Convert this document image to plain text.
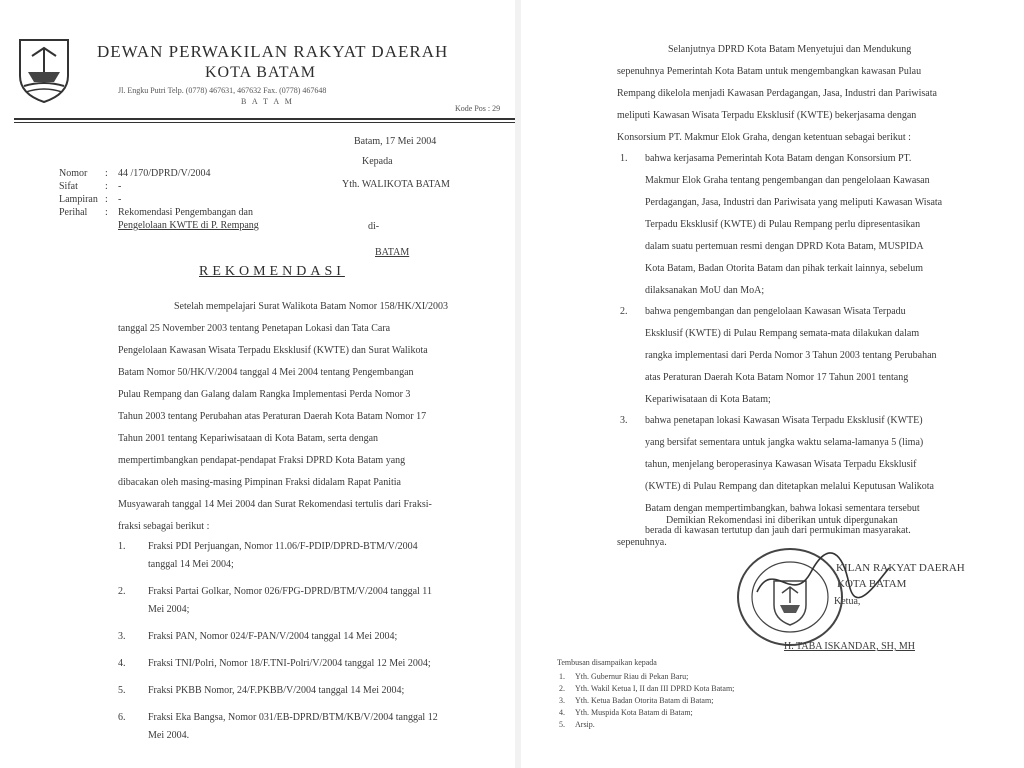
DEWAN PERWAKILAN RAKYAT DAERAH
KOTA BATAM
Jl. Engku Putri Telp. (0778) 467631, 467632 Fax. (0778) 467648
B A T A M
Kode Pos : 29
Batam, 17 Mei 2004
Kepada
Yth. WALIKOTA BATAM
di-
BATAM
Nomor : 44 /170/DPRD/V/2004
Sifat	: -
Lampiran : -
Perihal : Rekomendasi Pengembangan dan
Pengelolaan KWTE di P. Rempang
REKOMENDASI
Setelah mempelajari Surat Walikota Batam Nomor 158/HK/XI/2003
tanggal 25 November 2003 tentang Penetapan Lokasi dan Tata Cara
Pengelolaan Kawasan Wisata Terpadu Eksklusif (KWTE) dan Surat Walikota
Batam Nomor 50/HK/V/2004 tanggal 4 Mei 2004 tentang Pengembangan
Pulau Rempang dan Galang dalam Rangka Implementasi Perda Nomor 3
Tahun 2003 tentang Perubahan atas Peraturan Daerah Kota Batam Nomor 17
Tahun 2001 tentang Kepariwisataan di Kota Batam, serta dengan
mempertimbangkan pendapat-pendapat Fraksi DPRD Kota Batam yang
dibacakan oleh masing-masing Pimpinan Fraksi didalam Rapat Panitia
Musyawarah tanggal 14 Mei 2004 dan Surat Rekomendasi tertulis dari Fraksi-
fraksi sebagai berikut :
1. Fraksi PDI Perjuangan, Nomor 11.06/F-PDIP/DPRD-BTM/V/2004
tanggal 14 Mei 2004;
2. Fraksi Partai Golkar, Nomor 026/FPG-DPRD/BTM/V/2004 tanggal 11
Mei 2004;
3. Fraksi PAN, Nomor 024/F-PAN/V/2004 tanggal 14 Mei 2004;
4. Fraksi TNI/Polri, Nomor 18/F.TNI-Polri/V/2004 tanggal 12 Mei 2004;
5. Fraksi PKBB Nomor, 24/F.PKBB/V/2004 tanggal 14 Mei 2004;
6. Fraksi Eka Bangsa, Nomor 031/EB-DPRD/BTM/KB/V/2004 tanggal 12
Mei 2004.
Selanjutnya DPRD Kota Batam Menyetujui dan Mendukung
sepenuhnya Pemerintah Kota Batam untuk mengembangkan kawasan Pulau
Rempang dikelola menjadi Kawasan Perdagangan, Jasa, Industri dan Pariwisata
meliputi Kawasan Wisata Terpadu Eksklusif (KWTE) bekerjasama dengan
Konsorsium PT. Makmur Elok Graha, dengan ketentuan sebagai berikut :
1. bahwa kerjasama Pemerintah Kota Batam dengan Konsorsium PT.
Makmur Elok Graha tentang pengembangan dan pengelolaan Kawasan
Perdagangan, Jasa, Industri dan Pariwisata yang meliputi Kawasan Wisata
Terpadu Eksklusif (KWTE) di Pulau Rempang perlu dipresentasikan
dalam suatu pertemuan resmi dengan DPRD Kota Batam, MUSPIDA
Kota Batam, Badan Otorita Batam dan pihak terkait lainnya, sebelum
dilaksanakan MoU dan MoA;
2. bahwa pengembangan dan pengelolaan Kawasan Wisata Terpadu
Eksklusif (KWTE) di Pulau Rempang semata-mata dilakukan dalam
rangka implementasi dari Perda Nomor 3 Tahun 2003 tentang Perubahan
atas Peraturan Daerah Kota Batam Nomor 17 Tahun 2001 tentang
Kepariwisataan di Kota Batam;
3. bahwa penetapan lokasi Kawasan Wisata Terpadu Eksklusif (KWTE)
yang bersifat sementara untuk jangka waktu selama-lamanya 5 (lima)
tahun, menjelang beroperasinya Kawasan Wisata Terpadu Eksklusif
(KWTE) di Pulau Rempang dan ditetapkan melalui Keputusan Walikota
Batam dengan mempertimbangkan, bahwa lokasi sementara tersebut
berada di kawasan tertutup dan jauh dari permukiman masyarakat.
Demikian Rekomendasi ini diberikan untuk dipergunakan
sepenuhnya.
KILAN RAKYAT DAERAH
KOTA BATAM
Ketua,
H. TABA ISKANDAR, SH, MH
Tembusan disampaikan kepada
1. Yth. Gubernur Riau di Pekan Baru;
2. Yth. Wakil Ketua I, II dan III DPRD Kota Batam;
3. Yth. Ketua Badan Otorita Batam di Batam;
4. Yth. Muspida Kota Batam di Batam;
5. Arsip.
